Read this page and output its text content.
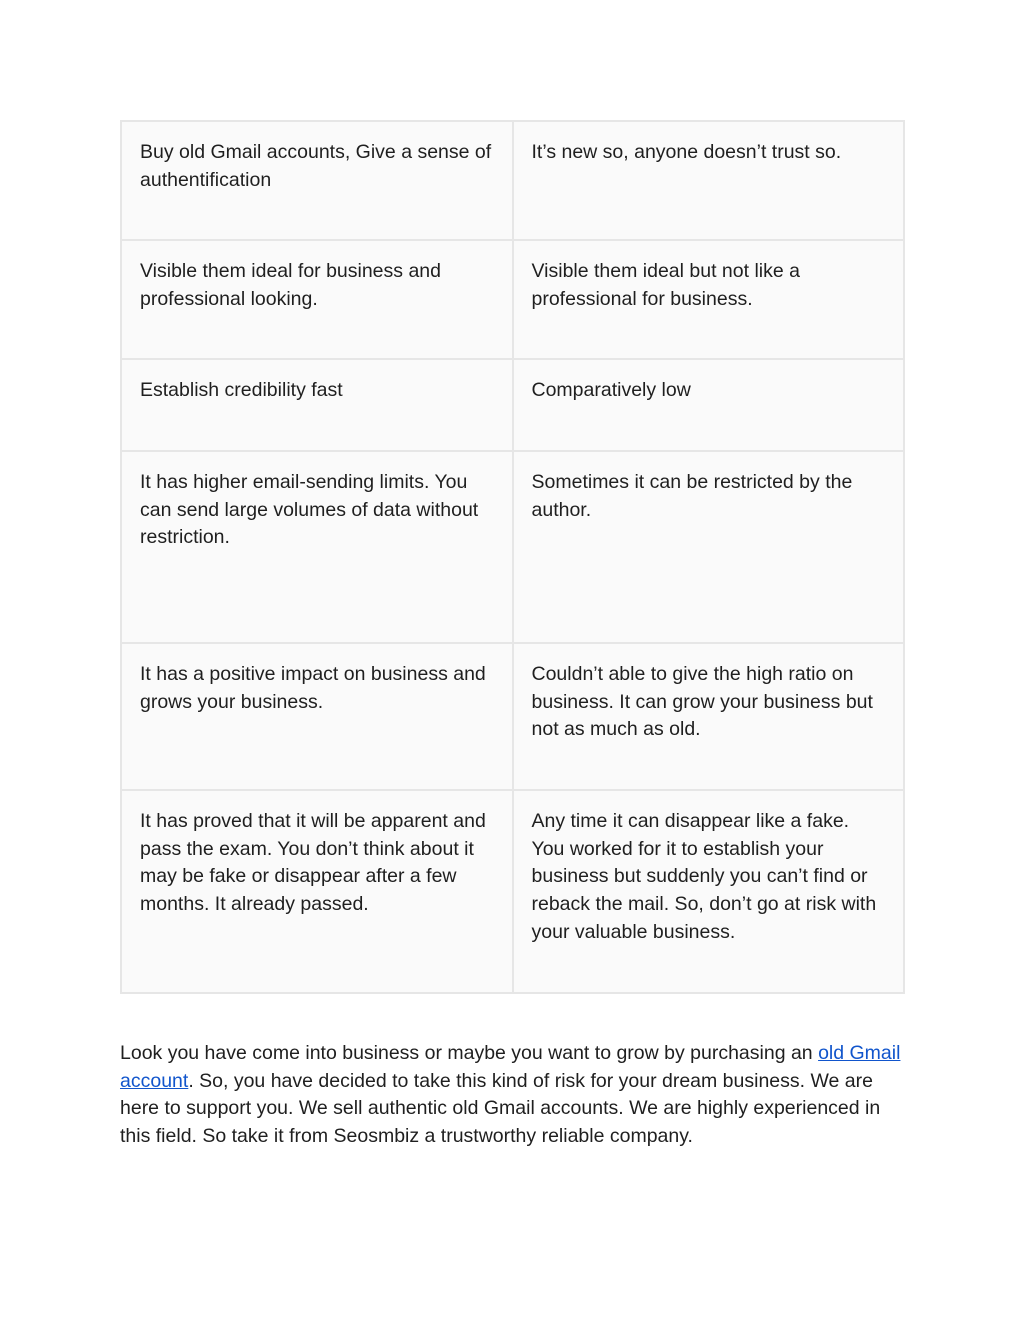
Buy old Gmail accounts, Give a sense of authentification	It’s new so, anyone doesn’t trust so.
Visible them ideal for business and professional looking.	Visible them ideal but not like a professional for business.
Establish credibility fast	Comparatively low
It has higher email-sending limits. You can send large volumes of data without restriction.	Sometimes it can be restricted by the author.
It has a positive impact on business and grows your business.	Couldn’t able to give the high ratio on business. It can grow your business but not as much as old.
It has proved that it will be apparent and pass the exam. You don’t think about it may be fake or disappear after a few months. It already passed.	Any time it can disappear like a fake. You worked for it to establish your business but suddenly you can’t find or reback the mail. So, don’t go at risk with your valuable business.

Look you have come into business or maybe you want to grow by purchasing an old Gmail account. So, you have decided to take this kind of risk for your dream business. We are here to support you. We sell authentic old Gmail accounts. We are highly experienced in this field. So take it from Seosmbiz a trustworthy reliable company.
